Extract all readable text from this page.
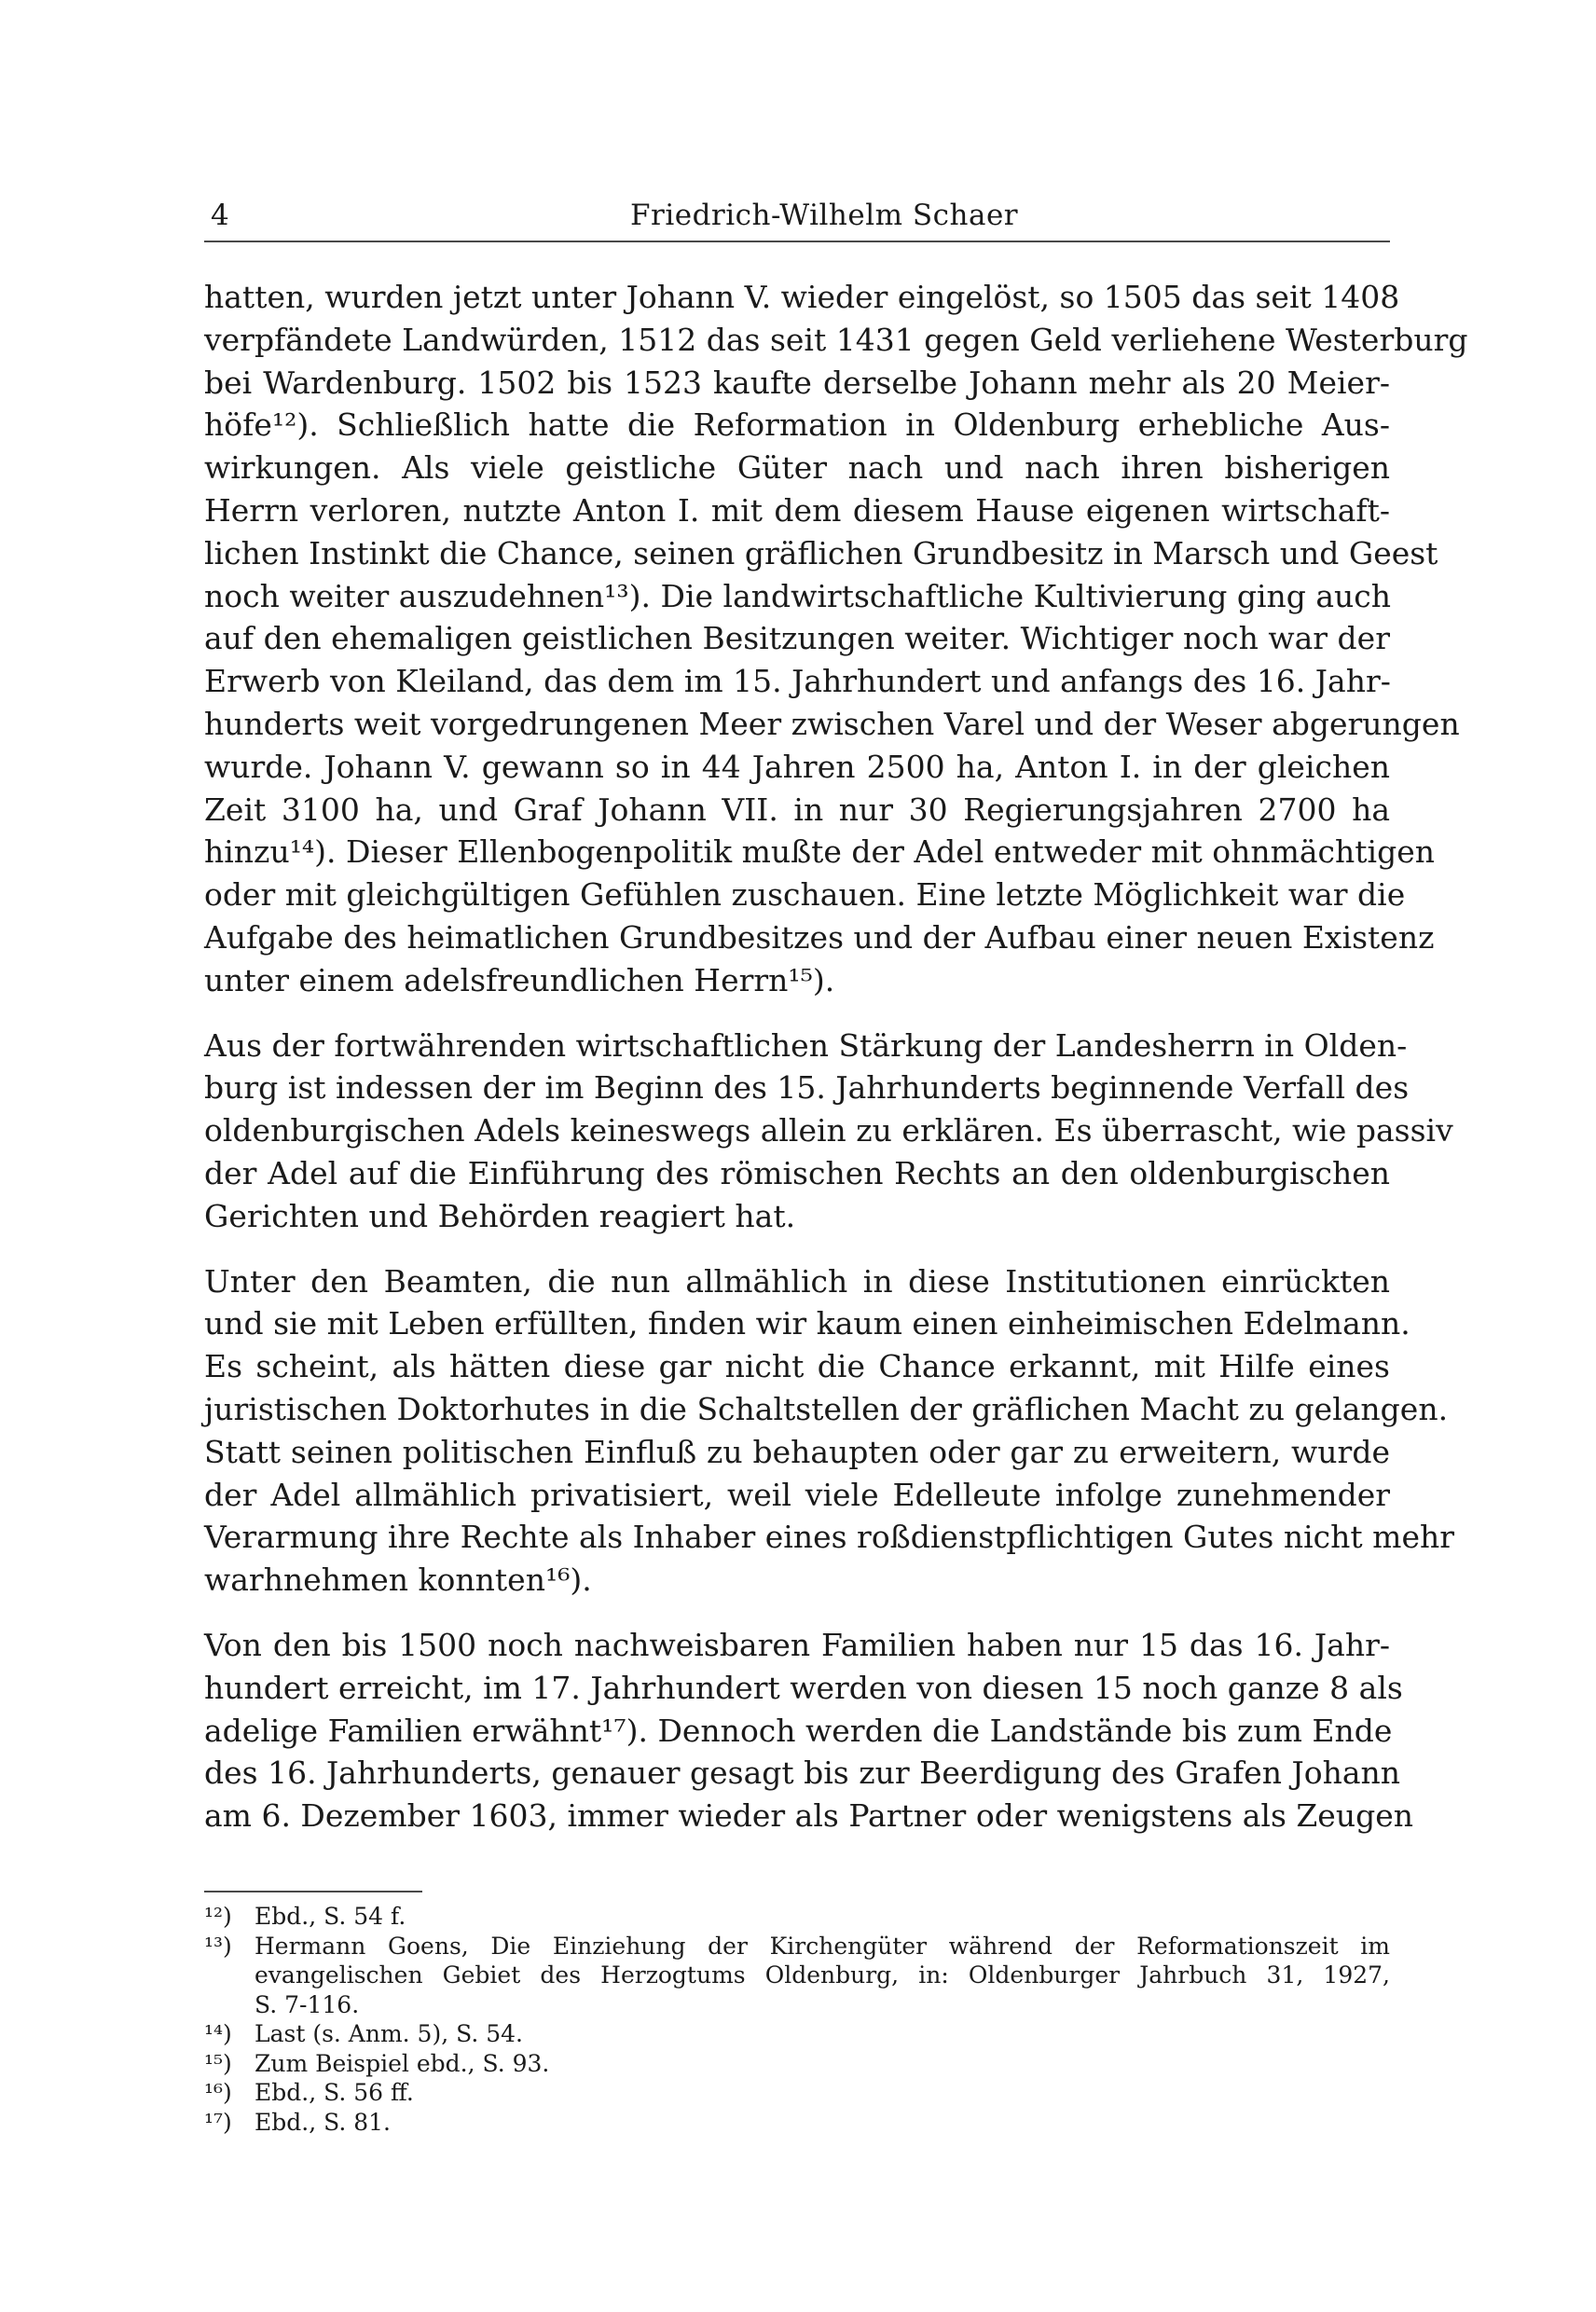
4	Friedrich-Wilhelm Schaer
hatten, wurden jetzt unter Johann V. wieder eingelöst, so 1505 das seit 1408
verpfändete Landwürden, 1512 das seit 1431 gegen Geld verliehene Westerburg
bei Wardenburg. 1502 bis 1523 kaufte derselbe Johann mehr als 20 Meier-
höfe¹²). Schließlich hatte die Reformation in Oldenburg erhebliche Aus-
wirkungen. Als viele geistliche Güter nach und nach ihren bisherigen
Herrn verloren, nutzte Anton I. mit dem diesem Hause eigenen wirtschaft-
lichen Instinkt die Chance, seinen gräflichen Grundbesitz in Marsch und Geest
noch weiter auszudehnen¹³). Die landwirtschaftliche Kultivierung ging auch
auf den ehemaligen geistlichen Besitzungen weiter. Wichtiger noch war der
Erwerb von Kleiland, das dem im 15. Jahrhundert und anfangs des 16. Jahr-
hunderts weit vorgedrungenen Meer zwischen Varel und der Weser abgerungen
wurde. Johann V. gewann so in 44 Jahren 2500 ha, Anton I. in der gleichen
Zeit 3100 ha, und Graf Johann VII. in nur 30 Regierungsjahren 2700 ha
hinzu¹⁴). Dieser Ellenbogenpolitik mußte der Adel entweder mit ohnmächtigen
oder mit gleichgültigen Gefühlen zuschauen. Eine letzte Möglichkeit war die
Aufgabe des heimatlichen Grundbesitzes und der Aufbau einer neuen Existenz
unter einem adelsfreundlichen Herrn¹⁵).
Aus der fortwährenden wirtschaftlichen Stärkung der Landesherrn in Olden-
burg ist indessen der im Beginn des 15. Jahrhunderts beginnende Verfall des
oldenburgischen Adels keineswegs allein zu erklären. Es überrascht, wie passiv
der Adel auf die Einführung des römischen Rechts an den oldenburgischen
Gerichten und Behörden reagiert hat.
Unter den Beamten, die nun allmählich in diese Institutionen einrückten
und sie mit Leben erfüllten, finden wir kaum einen einheimischen Edelmann.
Es scheint, als hätten diese gar nicht die Chance erkannt, mit Hilfe eines
juristischen Doktorhutes in die Schaltstellen der gräflichen Macht zu gelangen.
Statt seinen politischen Einfluß zu behaupten oder gar zu erweitern, wurde
der Adel allmählich privatisiert, weil viele Edelleute infolge zunehmender
Verarmung ihre Rechte als Inhaber eines roßdienstpflichtigen Gutes nicht mehr
warhnehmen konnten¹⁶).
Von den bis 1500 noch nachweisbaren Familien haben nur 15 das 16. Jahr-
hundert erreicht, im 17. Jahrhundert werden von diesen 15 noch ganze 8 als
adelige Familien erwähnt¹⁷). Dennoch werden die Landstände bis zum Ende
des 16. Jahrhunderts, genauer gesagt bis zur Beerdigung des Grafen Johann
am 6. Dezember 1603, immer wieder als Partner oder wenigstens als Zeugen
¹²) Ebd., S. 54 f.
¹³) Hermann Goens, Die Einziehung der Kirchengüter während der Reformationszeit im
evangelischen Gebiet des Herzogtums Oldenburg, in: Oldenburger Jahrbuch 31, 1927,
S. 7-116.
¹⁴) Last (s. Anm. 5), S. 54.
¹⁵) Zum Beispiel ebd., S. 93.
¹⁶) Ebd., S. 56 ff.
¹⁷) Ebd., S. 81.
